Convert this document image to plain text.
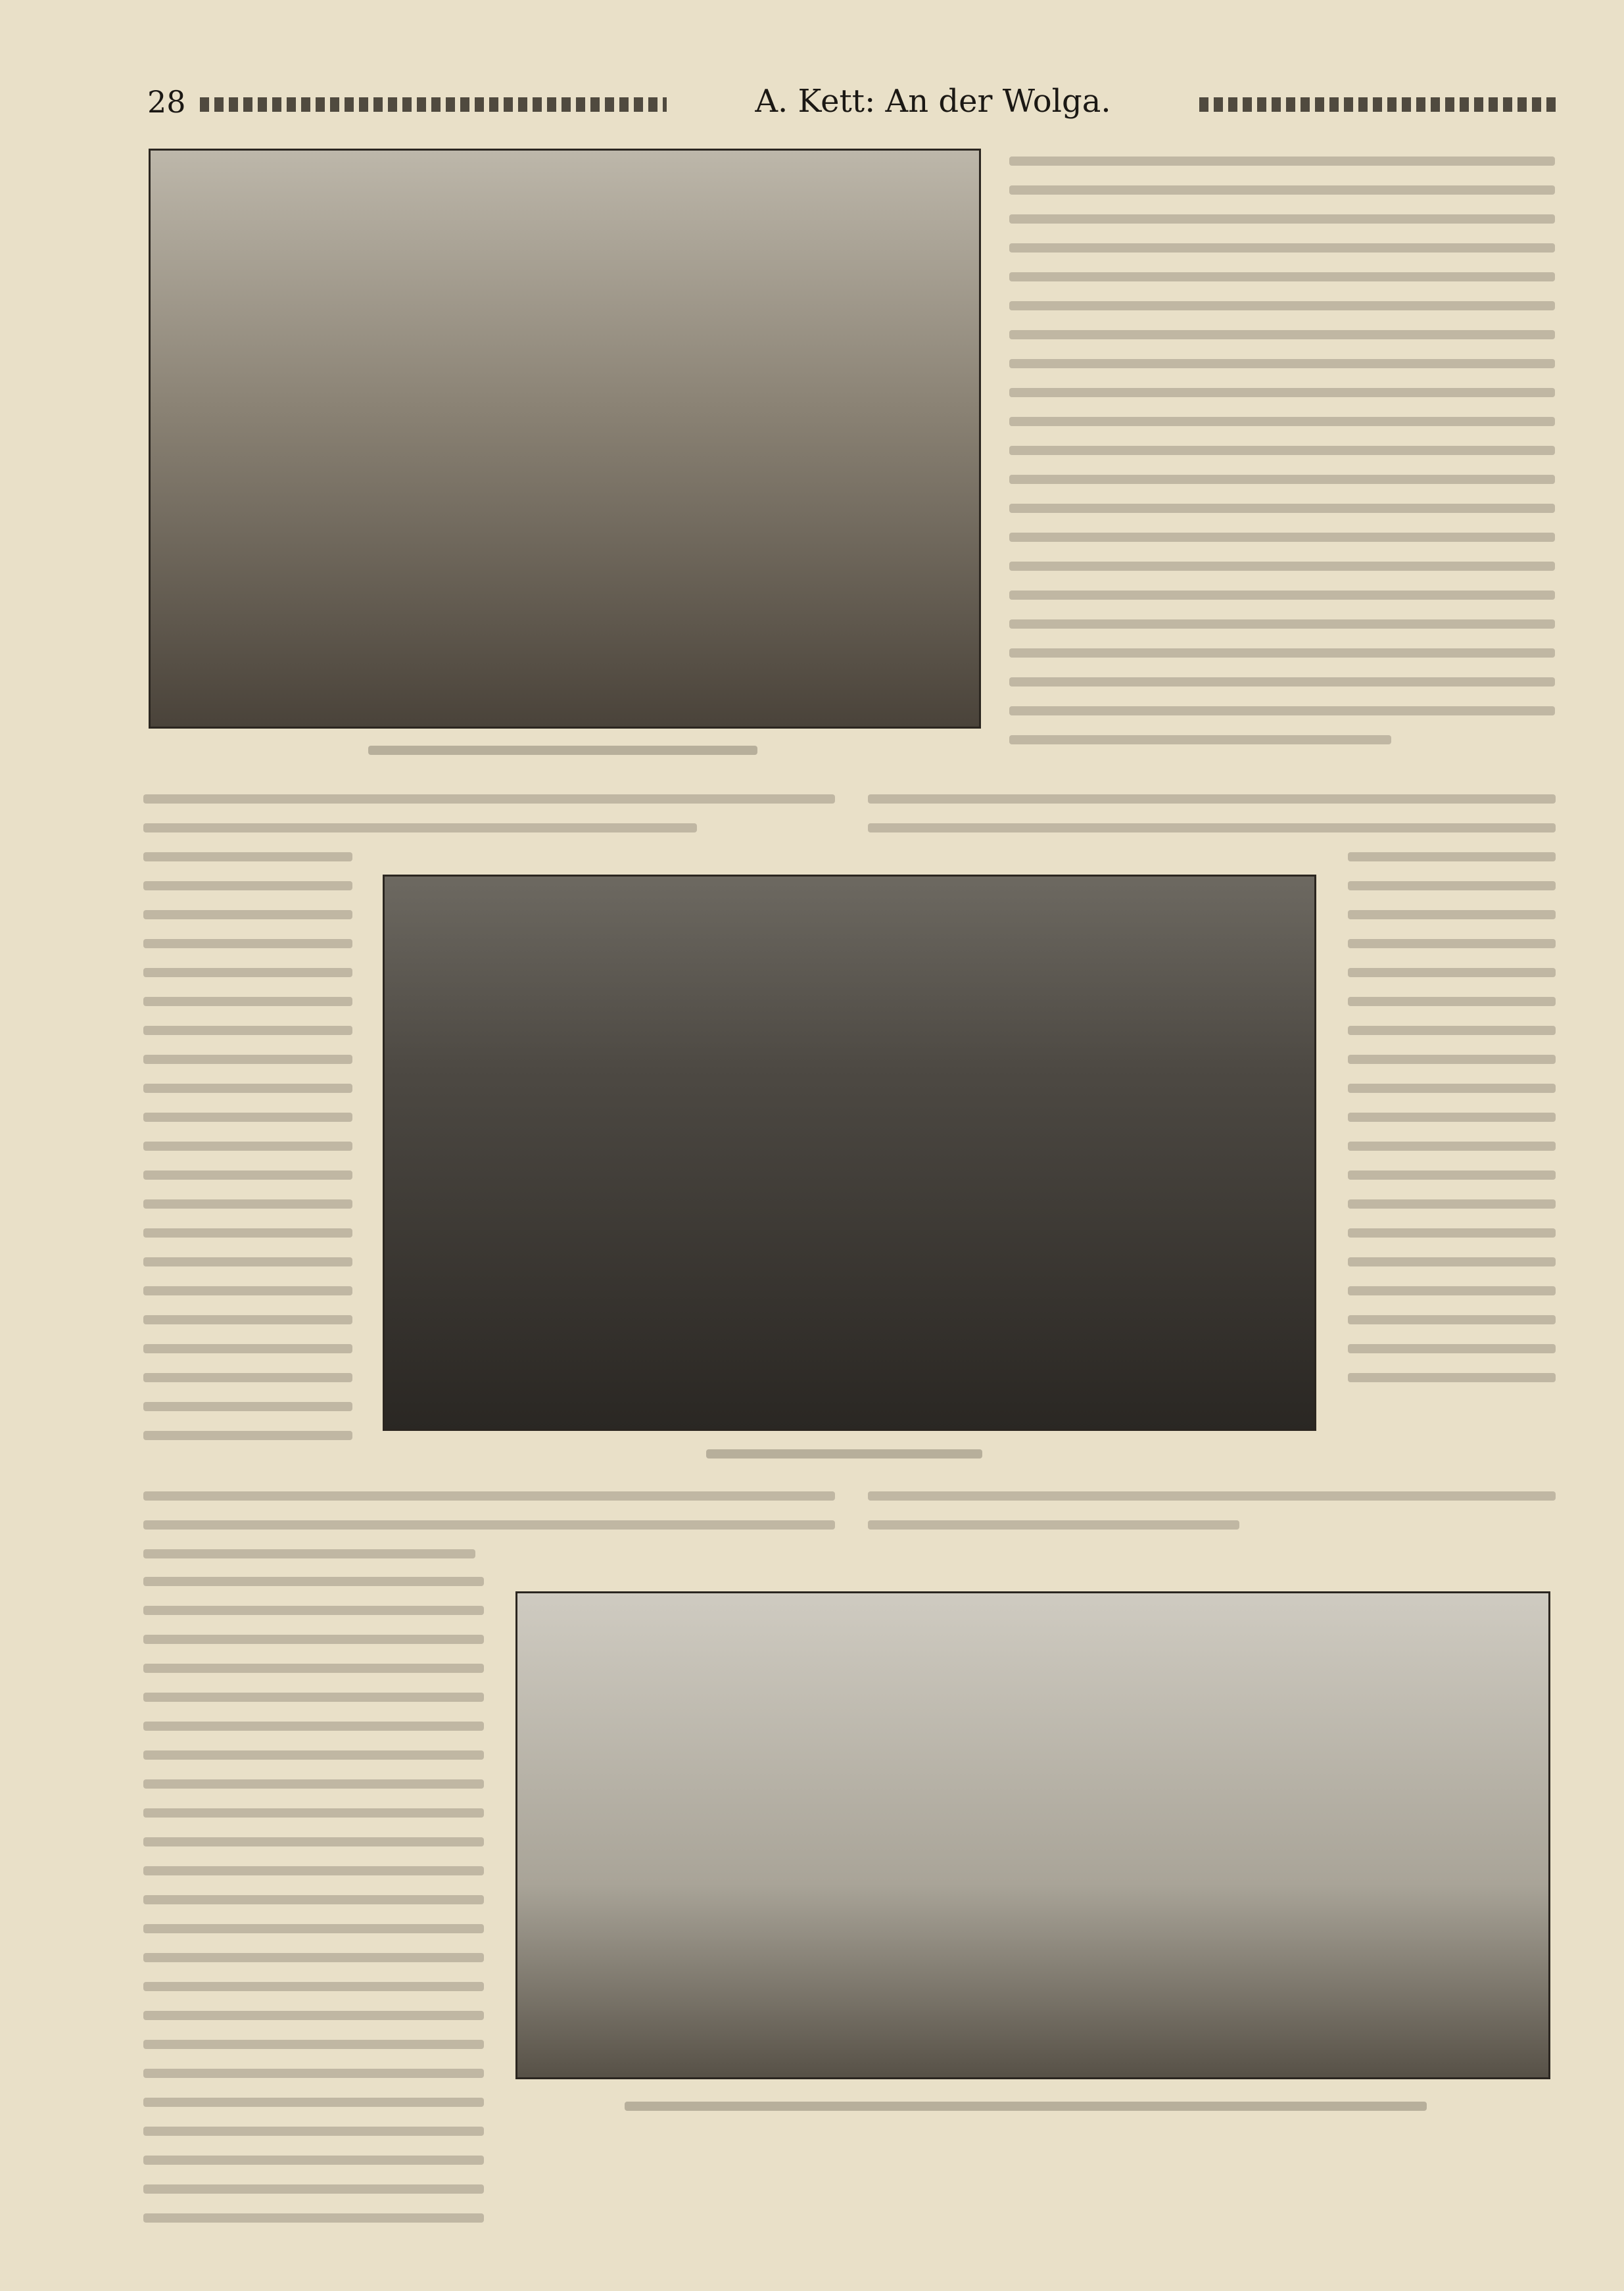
28	A. Kett: An der Wolga.
